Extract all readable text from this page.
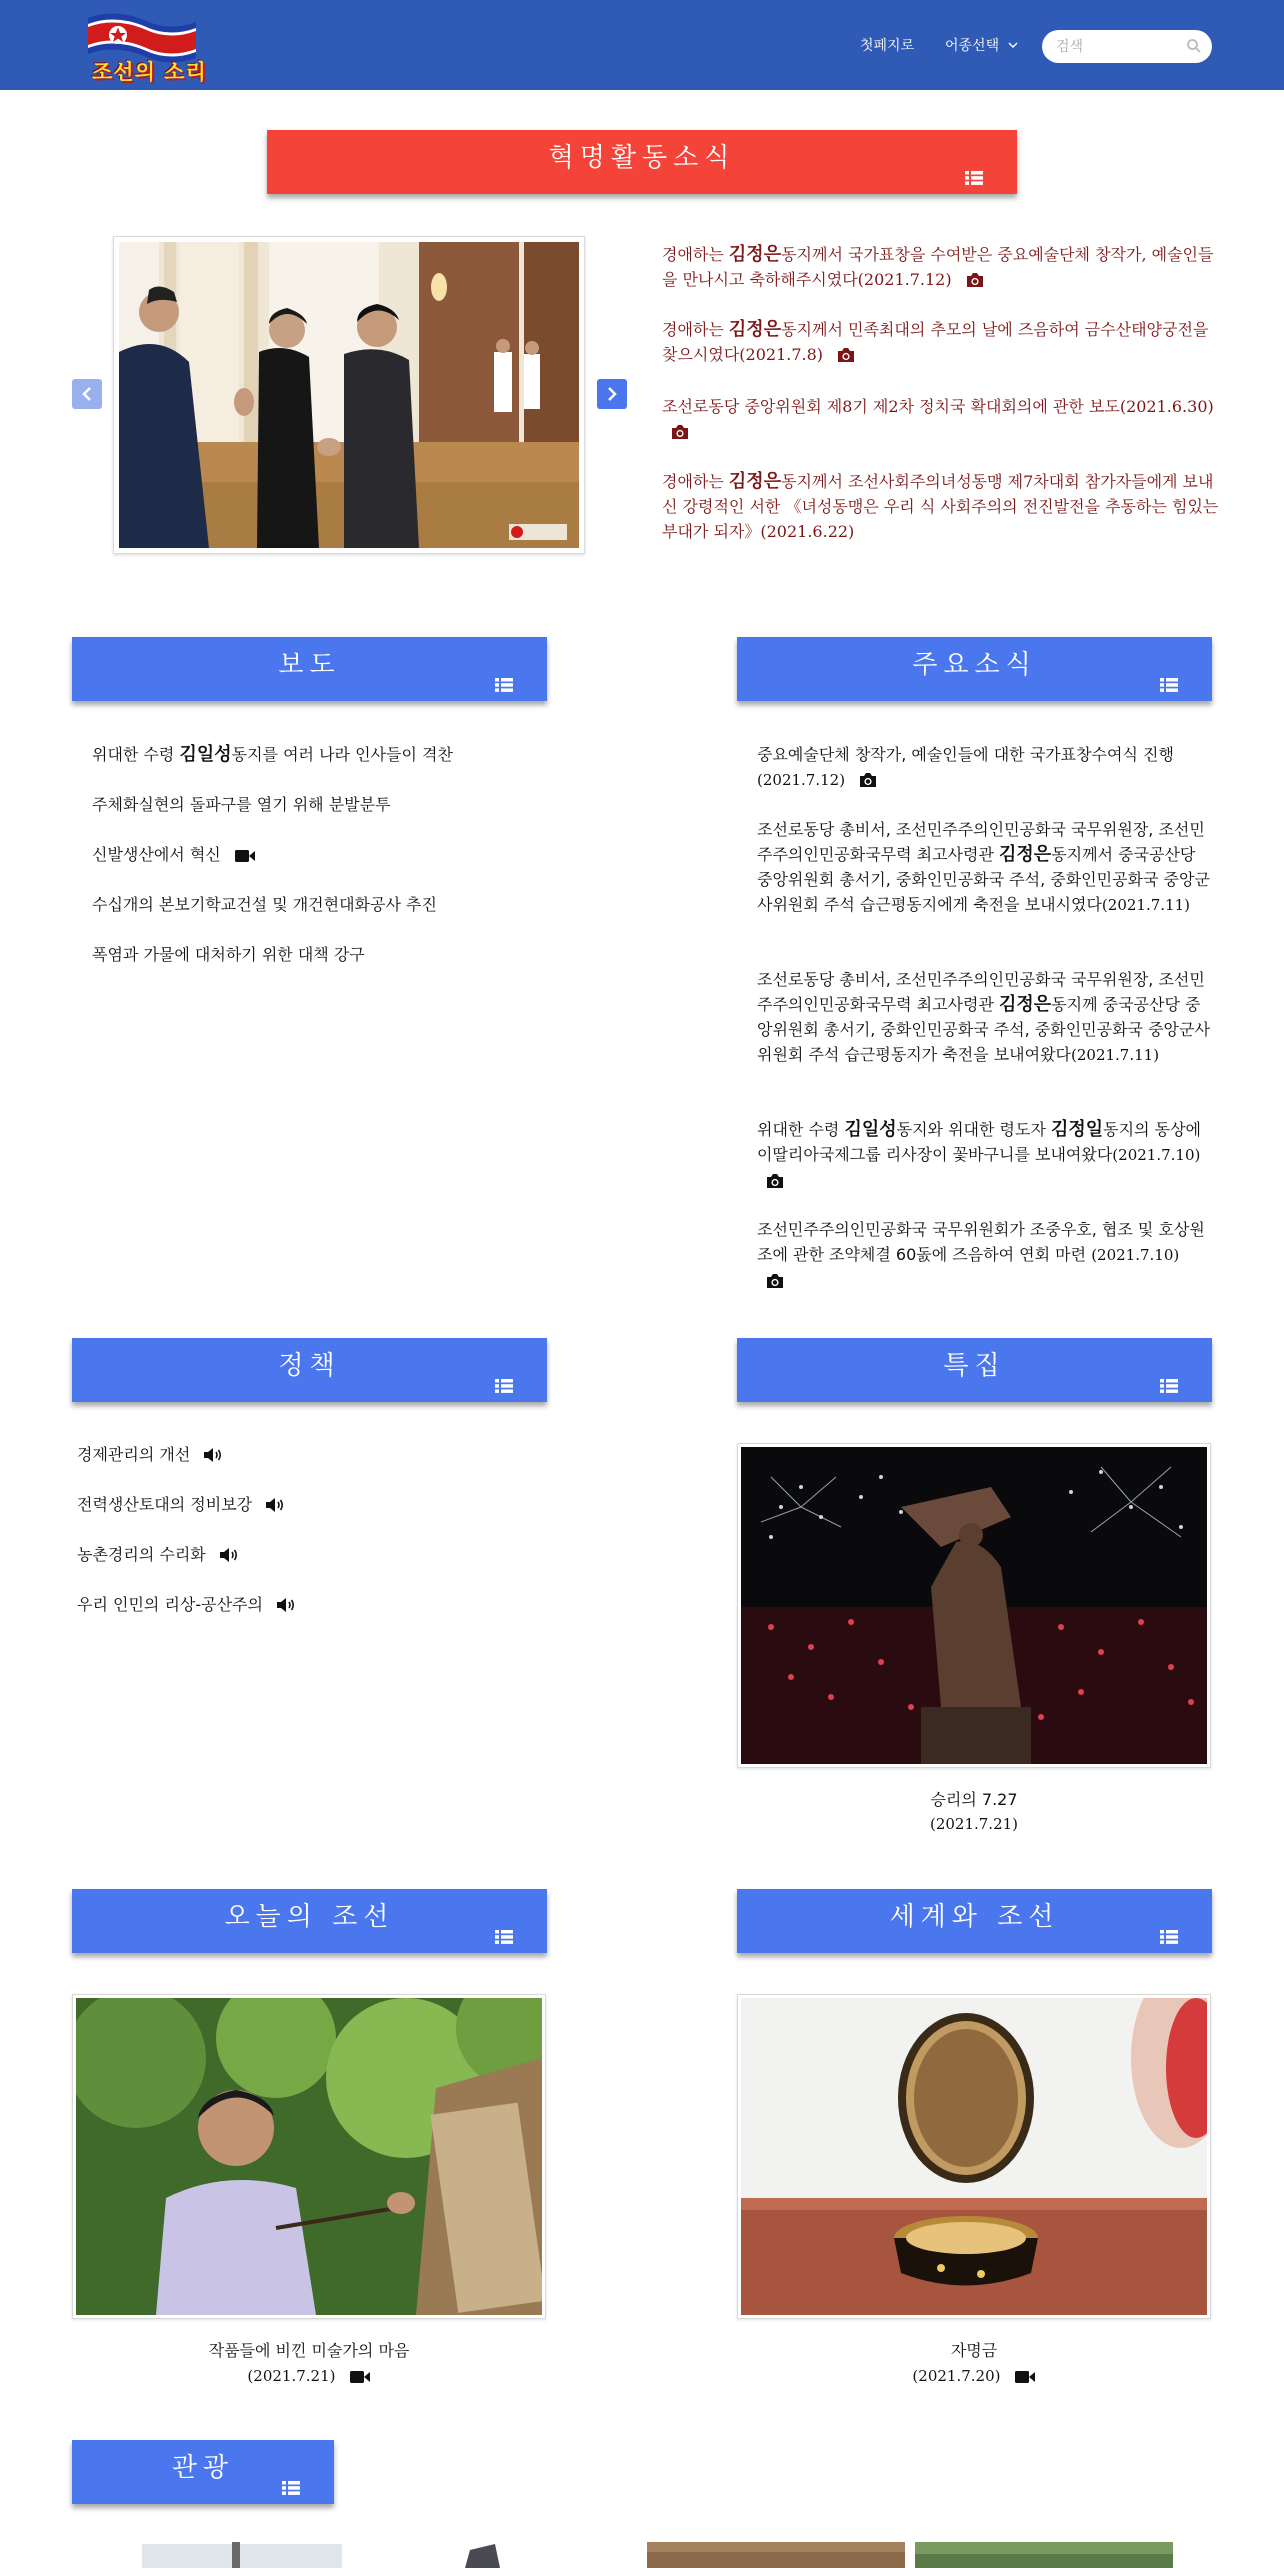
조선의 소리
첫페지로 어종선택
검색
혁명활동소식
경애하는 김정은동지께서 국가표창을 수여받은 중요예술단체 창작가, 예술인들을 만나시고 축하해주시였다(2021.7.12)
경애하는 김정은동지께서 민족최대의 추모의 날에 즈음하여 금수산태양궁전을 찾으시였다(2021.7.8)
조선로동당 중앙위원회 제8기 제2차 정치국 확대회의에 관한 보도(2021.6.30)
경애하는 김정은동지께서 조선사회주의녀성동맹 제7차대회 참가자들에게 보내신 강령적인 서한 《녀성동맹은 우리 식 사회주의의 전진발전을 추동하는 힘있는 부대가 되자》(2021.6.22)
보도	주요소식
위대한 수령 김일성동지를 여러 나라 인사들이 격찬
주체화실현의 돌파구를 열기 위해 분발분투
신발생산에서 혁신
수십개의 본보기학교건설 및 개건현대화공사 추진
폭염과 가물에 대처하기 위한 대책 강구
중요예술단체 창작가, 예술인들에 대한 국가표창수여식 진행 (2021.7.12)
조선로동당 총비서, 조선민주주의인민공화국 국무위원장, 조선민주주의인민공화국무력 최고사령관 김정은동지께서 중국공산당 중앙위원회 총서기, 중화인민공화국 주석, 중화인민공화국 중앙군사위원회 주석 습근평동지에게 축전을 보내시였다(2021.7.11)
조선로동당 총비서, 조선민주주의인민공화국 국무위원장, 조선민주주의인민공화국무력 최고사령관 김정은동지께 중국공산당 중앙위원회 총서기, 중화인민공화국 주석, 중화인민공화국 중앙군사위원회 주석 습근평동지가 축전을 보내여왔다(2021.7.11)
위대한 수령 김일성동지와 위대한 령도자 김정일동지의 동상에 이딸리아국제그룹 리사장이 꽃바구니를 보내여왔다(2021.7.10)
조선민주주의인민공화국 국무위원회가 조중우호, 협조 및 호상원조에 관한 조약체결 60돐에 즈음하여 연회 마련 (2021.7.10)
정책	특집
경제관리의 개선
전력생산토대의 정비보강
농촌경리의 수리화
우리 인민의 리상-공산주의
승리의 7.27
(2021.7.21)
오늘의 조선	세계와 조선
작품들에 비낀 미술가의 마음
(2021.7.21)
자명금
(2021.7.20)
관광
